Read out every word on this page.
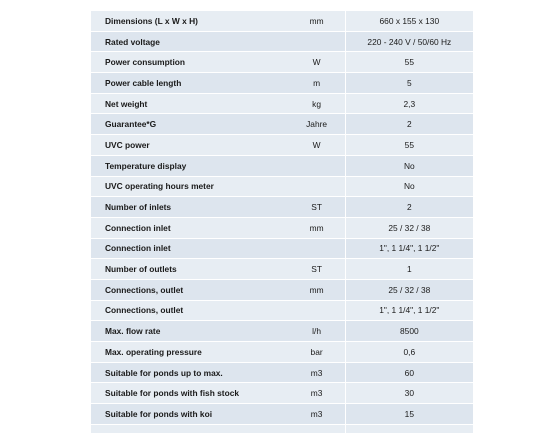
Dimensions (L x W x H)	mm	660 x 155 x 130
Rated voltage		220 - 240 V / 50/60 Hz
Power consumption	W	55
Power cable length	m	5
Net weight	kg	2,3
Guarantee*G	Jahre	2
UVC power	W	55
Temperature display		No
UVC operating hours meter		No
Number of inlets	ST	2
Connection inlet	mm	25 / 32 / 38
Connection inlet		1", 1 1/4", 1 1/2"
Number of outlets	ST	1
Connections, outlet	mm	25 / 32 / 38
Connections, outlet		1", 1 1/4", 1 1/2"
Max. flow rate	l/h	8500
Max. operating pressure	bar	0,6
Suitable for ponds up to max.	m3	60
Suitable for ponds with fish stock	m3	30
Suitable for ponds with koi	m3	15
